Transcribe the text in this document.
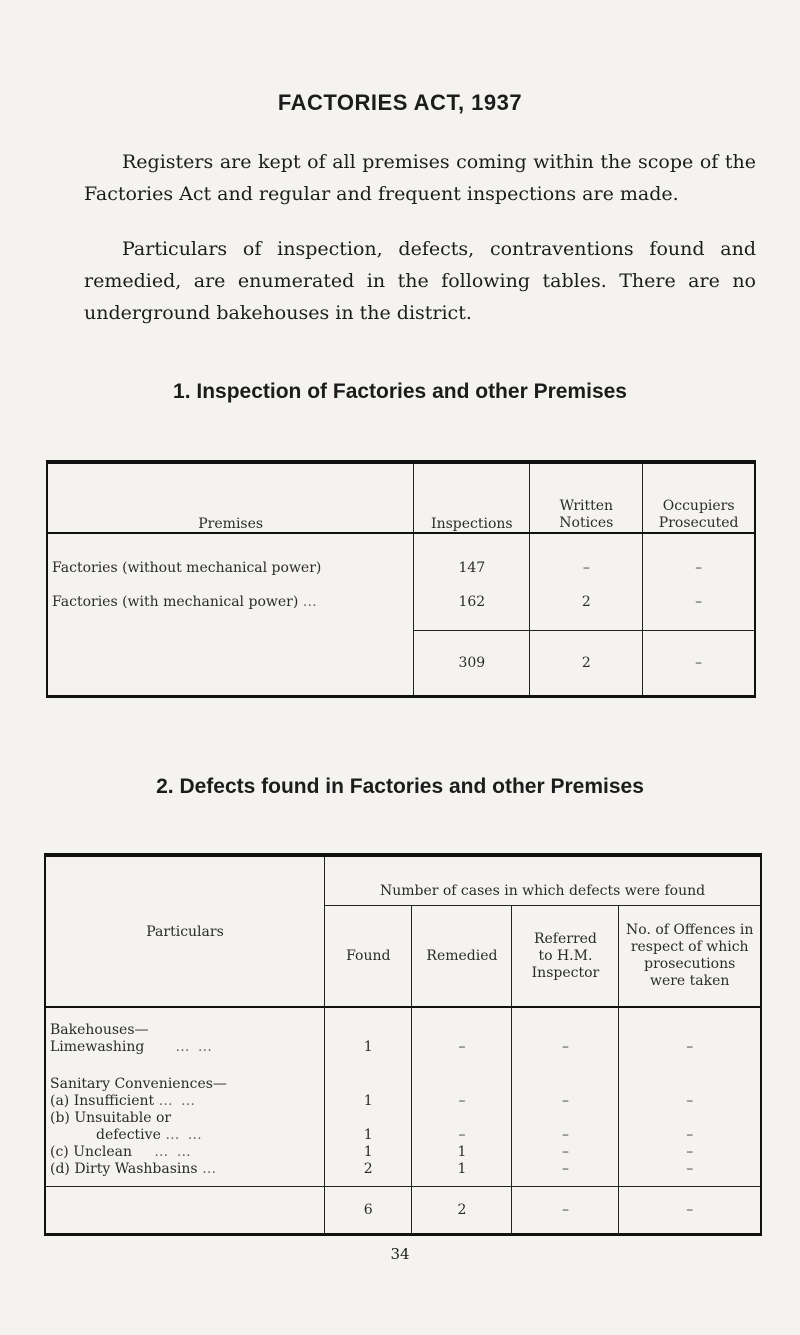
FACTORIES ACT, 1937

Registers are kept of all premises coming within the scope of the Factories Act and regular and frequent inspections are made.

Particulars of inspection, defects, contraventions found and remedied, are enumerated in the following tables. There are no underground bakehouses in the district.

1. Inspection of Factories and other Premises
Premises	Inspections	Written Notices	Occupiers Prosecuted
Factories (without mechanical power)	147	–	–
Factories (with mechanical power) …	162	2	–
	309	2	–
2. Defects found in Factories and other Premises
Particulars	Number of cases in which defects were found			
	Found	Remedied	Referred to H.M. Inspector	No. of Offences in respect of which prosecutions were taken
Bakehouses—				
Limewashing … …	1	–	–	–
Sanitary Conveniences—				
(a) Insufficient … …	1	–	–	–
(b) Unsuitable or
defective … …	1	–	–	–
(c) Unclean … …	1	1	–	–
(d) Dirty Washbasins …	2	1	–	–
	6	2	–	–
34
